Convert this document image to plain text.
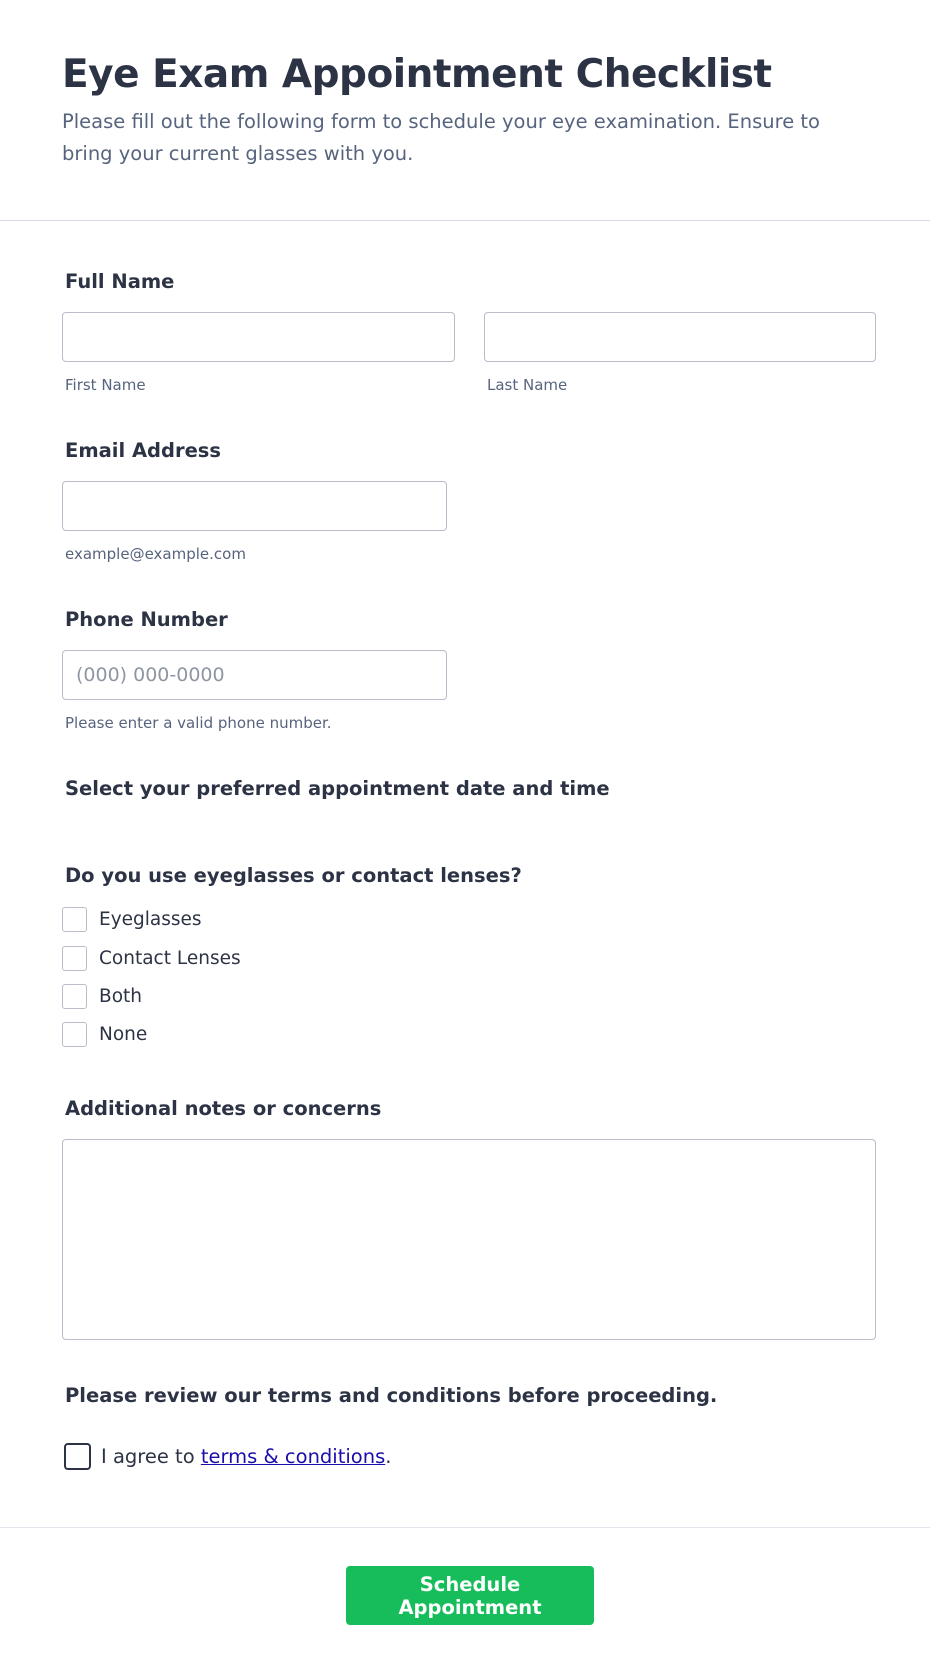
Eye Exam Appointment Checklist

Please fill out the following form to schedule your eye examination. Ensure to bring your current glasses with you.

Full Name
First Name	Last Name
Email Address
example@example.com
Phone Number
(000) 000-0000
Please enter a valid phone number.
Select your preferred appointment date and time
Do you use eyeglasses or contact lenses?
Eyeglasses
Contact Lenses
Both
None
Additional notes or concerns
Please review our terms and conditions before proceeding.
I agree to terms & conditions.
Schedule Appointment
